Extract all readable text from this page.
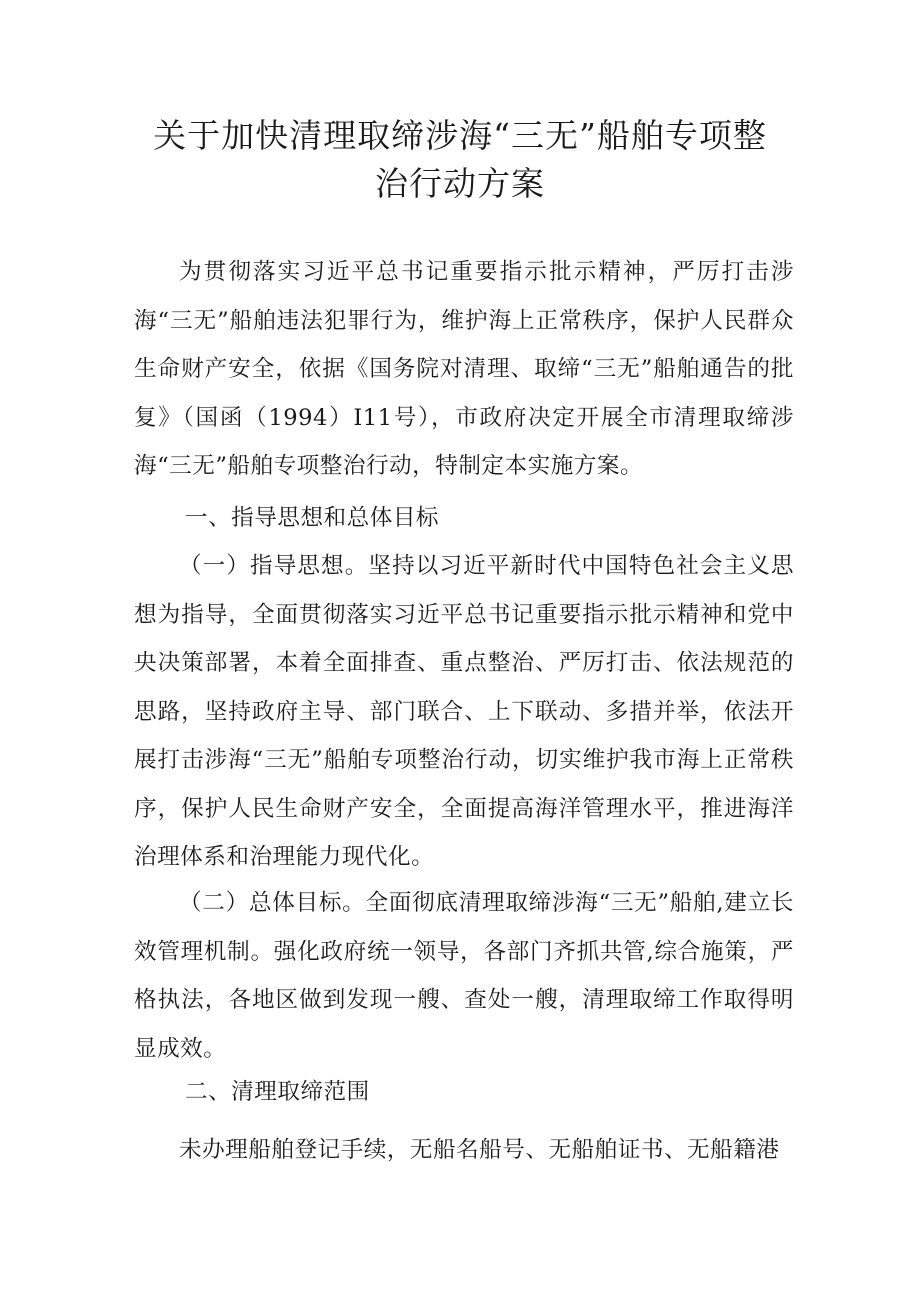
关于加快清理取缔涉海“三无”船舶专项整
治行动方案

为贯彻落实习近平总书记重要指示批示精神，严厉打击涉海“三无”船舶违法犯罪行为，维护海上正常秩序，保护人民群众生命财产安全，依据《国务院对清理、取缔“三无”船舶通告的批复》（国函（1994）I11号），市政府决定开展全市清理取缔涉海“三无”船舶专项整治行动，特制定本实施方案。

一、指导思想和总体目标

（一）指导思想。坚持以习近平新时代中国特色社会主义思想为指导，全面贯彻落实习近平总书记重要指示批示精神和党中央决策部署，本着全面排查、重点整治、严厉打击、依法规范的思路，坚持政府主导、部门联合、上下联动、多措并举，依法开展打击涉海“三无”船舶专项整治行动，切实维护我市海上正常秩序，保护人民生命财产安全，全面提高海洋管理水平，推进海洋治理体系和治理能力现代化。

（二）总体目标。全面彻底清理取缔涉海“三无”船舶,建立长效管理机制。强化政府统一领导，各部门齐抓共管,综合施策，严格执法，各地区做到发现一艘、查处一艘，清理取缔工作取得明显成效。

二、清理取缔范围

未办理船舶登记手续，无船名船号、无船舶证书、无船籍港
